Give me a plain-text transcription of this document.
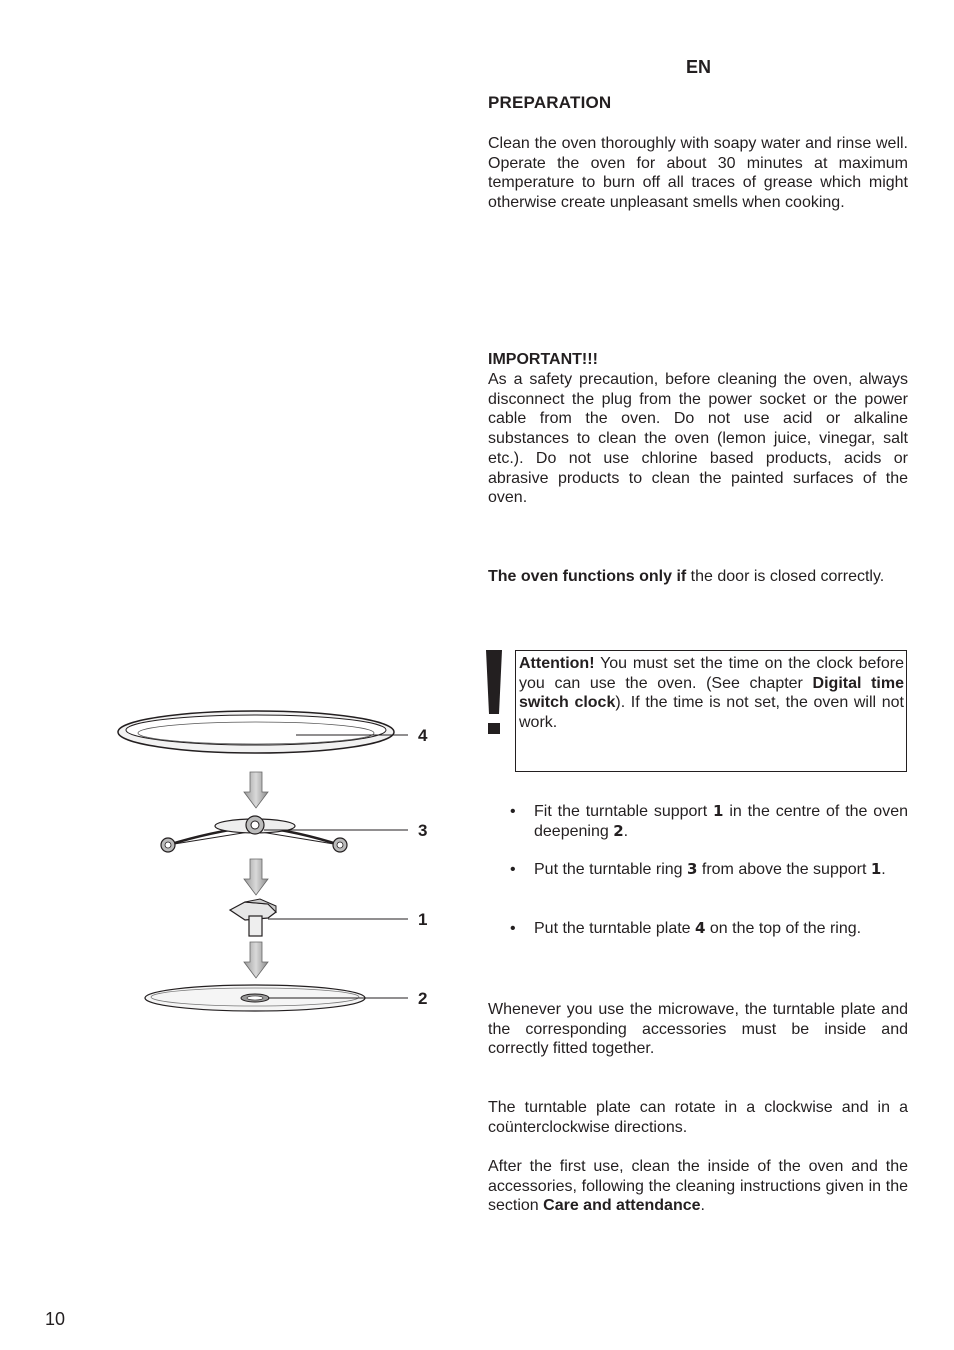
EN
PREPARATION

Clean the oven thoroughly with soapy water and rinse well. Operate the oven for about 30 minutes at maximum temperature to burn off all traces of grease which might otherwise create unpleasant smells when cooking.

IMPORTANT!!!

As a safety precaution, before cleaning the oven, always disconnect the plug from the power socket or the power cable from the oven. Do not use acid or alkaline substances to clean the oven (lemon juice, vinegar, salt etc.). Do not use chlorine based products, acids or abrasive products to clean the painted surfaces of the oven.

The oven functions only if the door is closed correctly.

Attention! You must set the time on the clock before you can use the oven. (See chapter Digital time switch clock). If the time is not set, the oven will not work.

• Fit the turntable support 1 in the centre of the oven deepening 2.
• Put the turntable ring 3 from above the support 1.
• Put the turntable plate 4 on the top of the ring.

Whenever you use the microwave, the turntable plate and the corresponding accessories must be inside and correctly fitted together.

The turntable plate can rotate in a clockwise and in a coünterclockwise directions.

After the first use, clean the inside of the oven and the accessories, following the cleaning instructions given in the section Care and attendance.

4
3
1
2
10
